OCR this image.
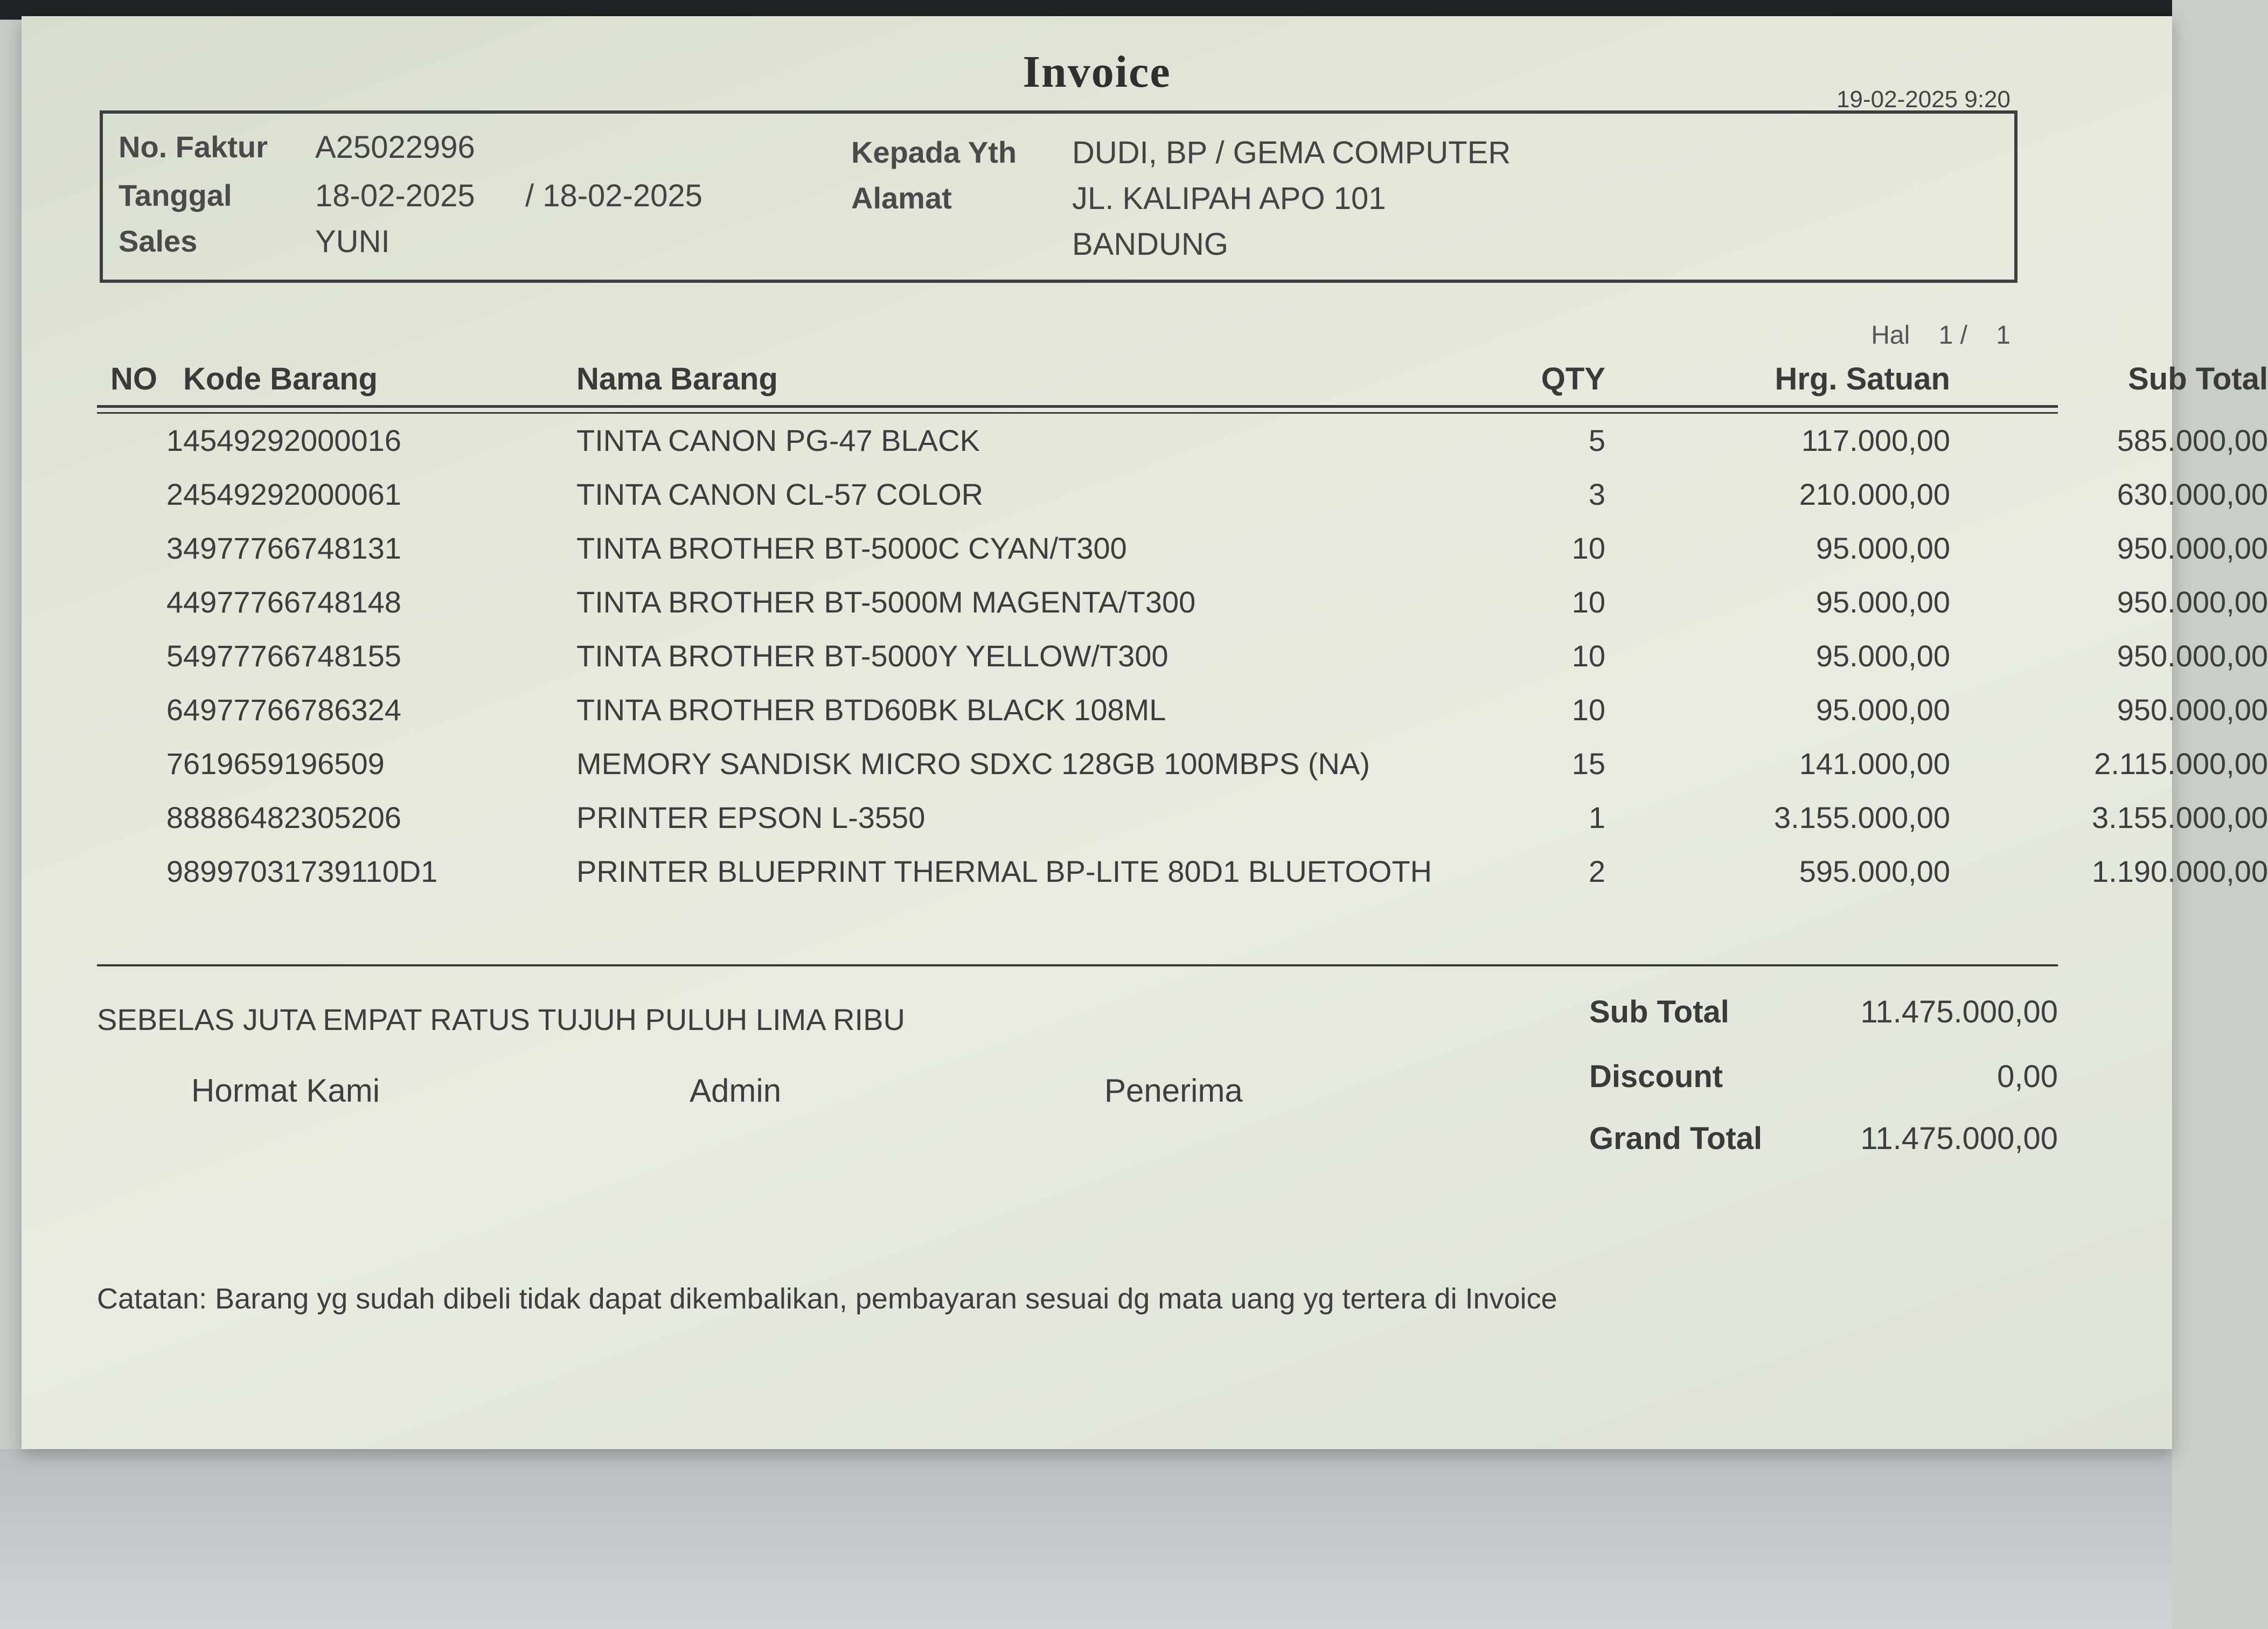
Invoice
19-02-2025 9:20
No. Faktur A25022996
Tanggal	18-02-2025 / 18-02-2025
Sales	YUNI
Kepada Yth DUDI, BP / GEMA COMPUTER
Alamat	JL. KALIPAH APO 101
BANDUNG
Hal 1 / 1
NO Kode Barang	Nama Barang	QTY	Hrg. Satuan	Sub Total
1 4549292000016	TINTA CANON PG-47 BLACK	5	117.000,00	585.000,00
2 4549292000061	TINTA CANON CL-57 COLOR	3	210.000,00	630.000,00
3 4977766748131	TINTA BROTHER BT-5000C CYAN/T300	10	95.000,00	950.000,00
4 4977766748148	TINTA BROTHER BT-5000M MAGENTA/T300	10	95.000,00	950.000,00
5 4977766748155	TINTA BROTHER BT-5000Y YELLOW/T300	10	95.000,00	950.000,00
6 4977766786324	TINTA BROTHER BTD60BK BLACK 108ML	10	95.000,00	950.000,00
7 619659196509	MEMORY SANDISK MICRO SDXC 128GB 100MBPS (NA)	15	141.000,00	2.115.000,00
8 8886482305206	PRINTER EPSON L-3550	1	3.155.000,00	3.155.000,00
9 8997031739110D1	PRINTER BLUEPRINT THERMAL BP-LITE 80D1 BLUETOOTH	2	595.000,00	1.190.000,00
SEBELAS JUTA EMPAT RATUS TUJUH PULUH LIMA RIBU
Hormat Kami	Admin	Penerima
Sub Total	11.475.000,00
Discount	0,00
Grand Total	11.475.000,00
Catatan: Barang yg sudah dibeli tidak dapat dikembalikan, pembayaran sesuai dg mata uang yg tertera di Invoice
